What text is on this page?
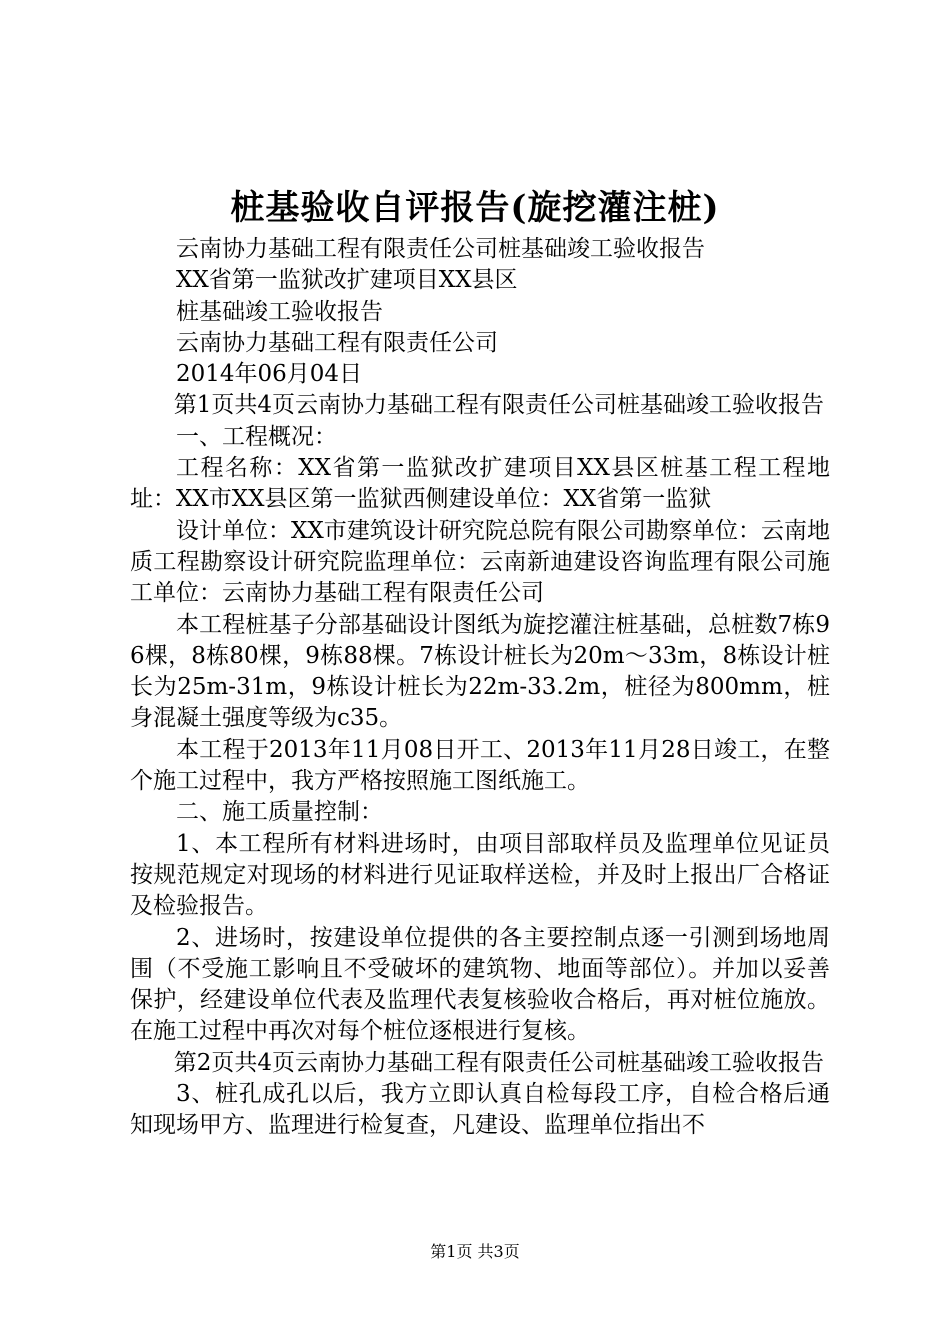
桩基验收自评报告(旋挖灌注桩)

云南协力基础工程有限责任公司桩基础竣工验收报告

XX省第一监狱改扩建项目XX县区

桩基础竣工验收报告

云南协力基础工程有限责任公司

2014年06月04日

第1页共4页云南协力基础工程有限责任公司桩基础竣工验收报告

一、工程概况：

工程名称：XX省第一监狱改扩建项目XX县区桩基工程工程地址：XX市XX县区第一监狱西侧建设单位：XX省第一监狱

设计单位：XX市建筑设计研究院总院有限公司勘察单位：云南地质工程勘察设计研究院监理单位：云南新迪建设咨询监理有限公司施工单位：云南协力基础工程有限责任公司

本工程桩基子分部基础设计图纸为旋挖灌注桩基础，总桩数7栋96棵，8栋80棵，9栋88棵。7栋设计桩长为20m～33m，8栋设计桩长为25m-31m，9栋设计桩长为22m-33.2m，桩径为800mm，桩身混凝土强度等级为c35。

本工程于2013年11月08日开工、2013年11月28日竣工，在整个施工过程中，我方严格按照施工图纸施工。

二、施工质量控制：

1、本工程所有材料进场时，由项目部取样员及监理单位见证员按规范规定对现场的材料进行见证取样送检，并及时上报出厂合格证及检验报告。

2、进场时，按建设单位提供的各主要控制点逐一引测到场地周围（不受施工影响且不受破坏的建筑物、地面等部位）。并加以妥善保护，经建设单位代表及监理代表复核验收合格后，再对桩位施放。在施工过程中再次对每个桩位逐根进行复核。

第2页共4页云南协力基础工程有限责任公司桩基础竣工验收报告

3、桩孔成孔以后，我方立即认真自检每段工序，自检合格后通知现场甲方、监理进行检复查，凡建设、监理单位指出不

第1页 共3页
